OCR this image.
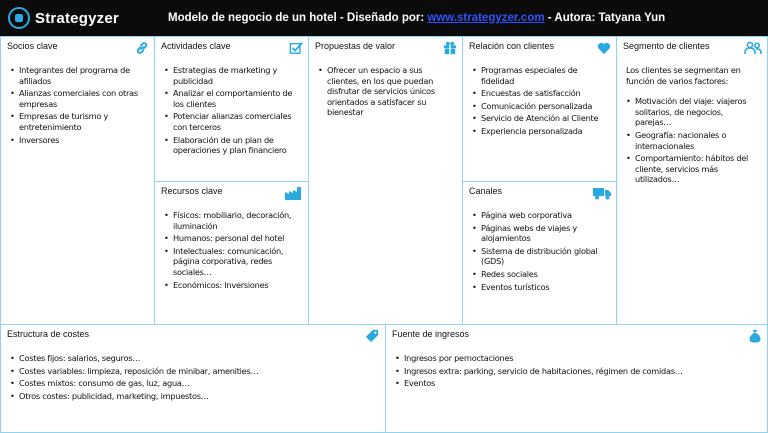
Strategyzer	Modelo de negocio de un hotel - Diseñado por: www.strategyzer.com - Autora: Tatyana Yun
Socios clave
• Integrantes del programa de afiliados
• Alianzas comerciales con otras empresas
• Empresas de turismo y entretenimiento
• Inversores
Actividades clave
• Estrategias de marketing y publicidad
• Analizar el comportamiento de los clientes
• Potenciar alianzas comerciales con terceros
• Elaboración de un plan de operaciones y plan financiero
Recursos clave
• Físicos: mobiliario, decoración, iluminación
• Humanos: personal del hotel
• Intelectuales: comunicación, página corporativa, redes sociales…
• Económicos: Inversiones
Propuestas de valor
• Ofrecer un espacio a sus clientes, en los que puedan disfrutar de servicios únicos orientados a satisfacer su bienestar
Relación con clientes
• Programas especiales de fidelidad
• Encuestas de satisfacción
• Comunicación personalizada
• Servicio de Atención al Cliente
• Experiencia personalizada
Canales
• Página web corporativa
• Páginas webs de viajes y alojamientos
• Sistema de distribución global (GDS)
• Redes sociales
• Eventos turísticos
Segmento de clientes
Los clientes se segmentan en función de varios factores:
• Motivación del viaje: viajeros solitarios, de negocios, parejas…
• Geografía: nacionales o internacionales
• Comportamiento: hábitos del cliente, servicios más utilizados…
Estructura de costes
• Costes fijos: salarios, seguros…
• Costes variables: limpieza, reposición de minibar, amenities…
• Costes mixtos: consumo de gas, luz, agua…
• Otros costes: publicidad, marketing, impuestos…
Fuente de ingresos
• Ingresos por pernoctaciones
• Ingresos extra: parking, servicio de habitaciones, régimen de comidas…
• Eventos
